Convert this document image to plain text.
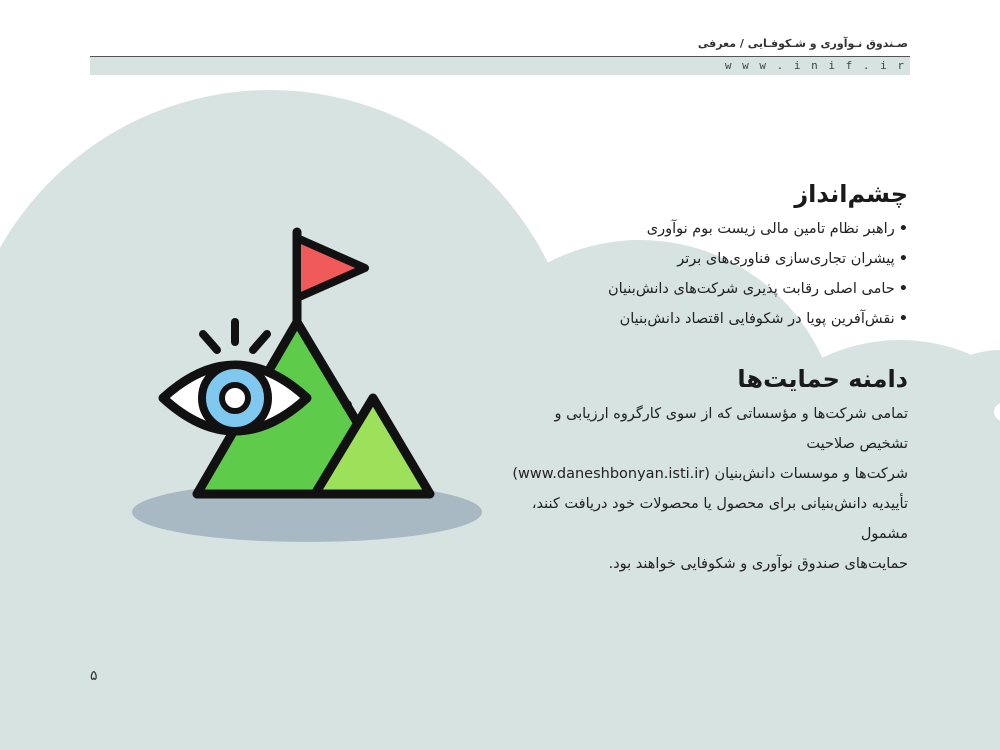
صـندوق نـوآوری و شـکوفـایی / معرفی
w w w . i n i f . i r
چشم‌انداز
•راهبر نظام تامین مالی زیست بوم نوآوری
•پیشران تجاری‌سازی فناوری‌های برتر
•حامی اصلی رقابت پذیری شرکت‌های دانش‌بنیان
•نقش‌آفرین پویا در شکوفایی اقتصاد دانش‌بنیان
دامنه حمایت‌ها
تمامی شرکت‌ها و مؤسساتی که از سوی کارگروه ارزیابی و تشخیص صلاحیت
شرکت‌ها و موسسات دانش‌بنیان (www.daneshbonyan.isti.ir)
تأییدیه دانش‌بنیانی برای محصول یا محصولات خود دریافت کنند، مشمول
حمایت‌های صندوق نوآوری و شکوفایی خواهند بود.
۵
